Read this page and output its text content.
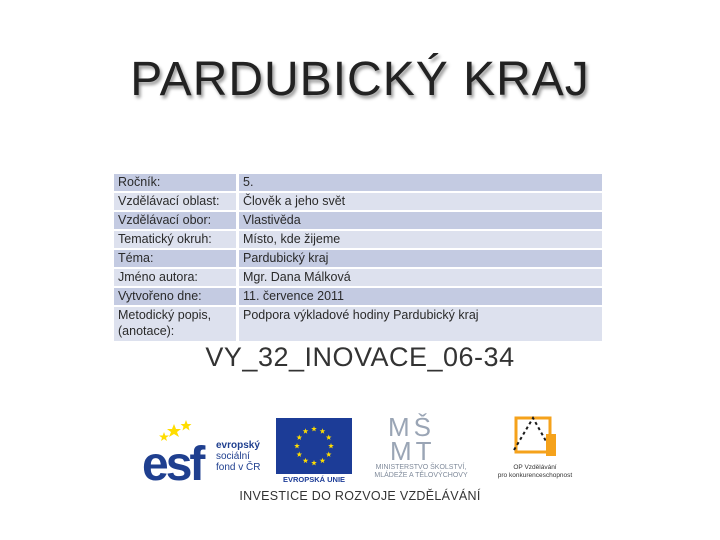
PARDUBICKÝ KRAJ
Ročník:	5.
Vzdělávací oblast:	Člověk a jeho svět
Vzdělávací obor:	Vlastivěda
Tematický okruh:	Místo, kde žijeme
Téma:	Pardubický kraj
Jméno autora:	Mgr. Dana Málková
Vytvořeno dne:	11. července 2011
Metodický popis, (anotace):	Podpora výkladové hodiny Pardubický kraj
VY_32_INOVACE_06-34
esf	evropský
sociální
fond v ČR
EVROPSKÁ UNIE
MŠ
MT
MINISTERSTVO ŠKOLSTVÍ,
MLÁDEŽE A TĚLOVÝCHOVY
OP Vzdělávání
pro konkurenceschopnost
INVESTICE DO ROZVOJE VZDĚLÁVÁNÍ
